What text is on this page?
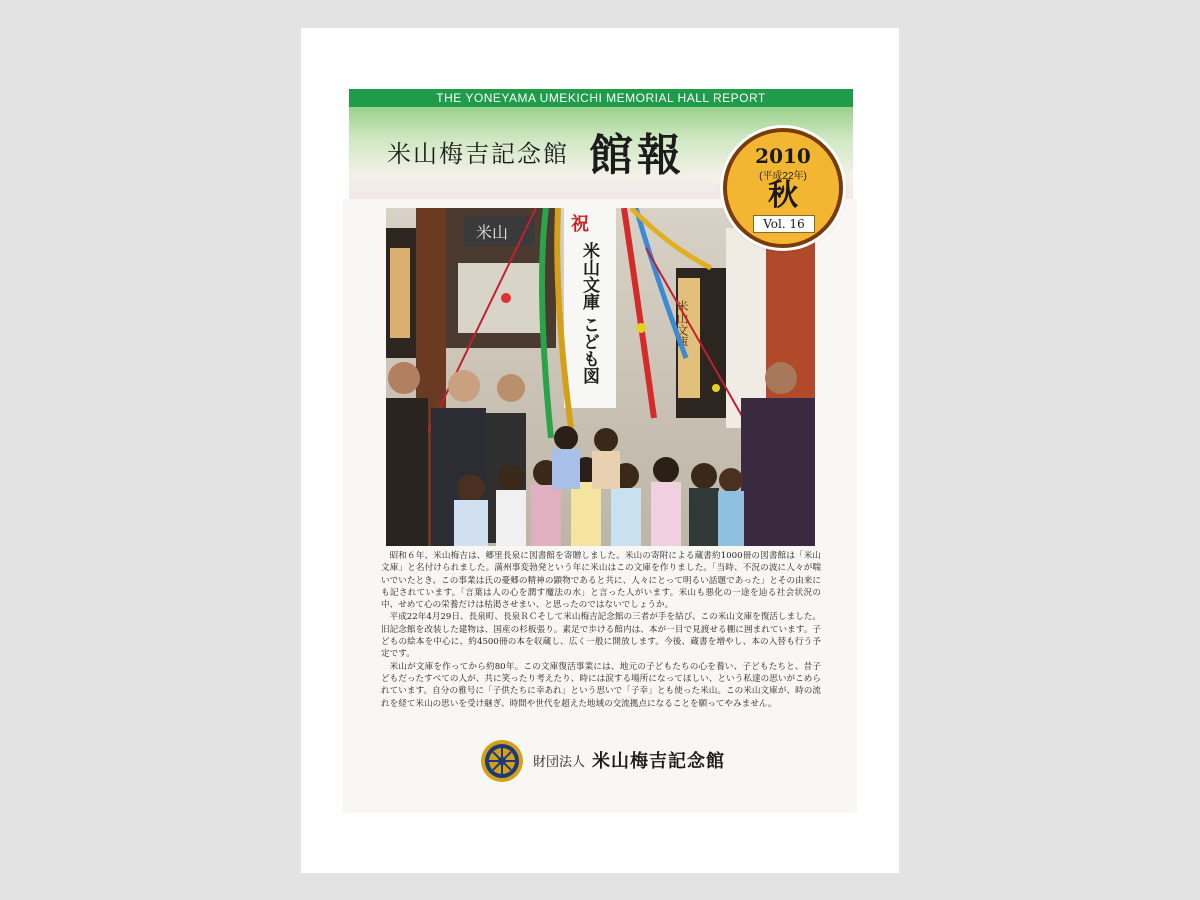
THE YONEYAMA UMEKICHI MEMORIAL HALL REPORT
米山梅吉記念館 館報
米山
米山文庫
祝
米山文庫 こども図
2010
(平成22年)
秋
Vol. 16

昭和６年、米山梅吉は、郷里長泉に図書館を寄贈しました。米山の寄附による蔵書約1000冊の図書館は「米山文庫」と名付けられました。満州事変勃発という年に米山はこの文庫を作りました。「当時、不況の波に人々が喘いでいたとき、この事業は氏の憂郷の精神の顕物であると共に、人々にとって明るい話題であった」とその由来にも記されています。「言葉は人の心を潤す魔法の水」と言った人がいます。米山も悪化の一途を辿る社会状況の中、せめて心の栄養だけは枯渇させまい、と思ったのではないでしょうか。

平成22年4月29日、長泉町、長泉ＲＣそして米山梅吉記念館の三者が手を結び、この米山文庫を復活しました。旧記念館を改装した建物は、国産の杉板張り。素足で歩ける館内は、本が一目で見渡せる棚に囲まれています。子どもの絵本を中心に、約4500冊の本を収蔵し、広く一般に開放します。今後、蔵書を増やし、本の入替も行う予定です。

米山が文庫を作ってから約80年。この文庫復活事業には、地元の子どもたちの心を養い、子どもたちと、昔子どもだったすべての人が、共に笑ったり考えたり、時には涙する場所になってほしい、という私達の思いがこめられています。自分の雅号に「子供たちに幸あれ」という思いで「子幸」とも使った米山。この米山文庫が、時の流れを経て米山の思いを受け継ぎ、時間や世代を超えた地域の交流拠点になることを願ってやみません。

財団法人 米山梅吉記念館
